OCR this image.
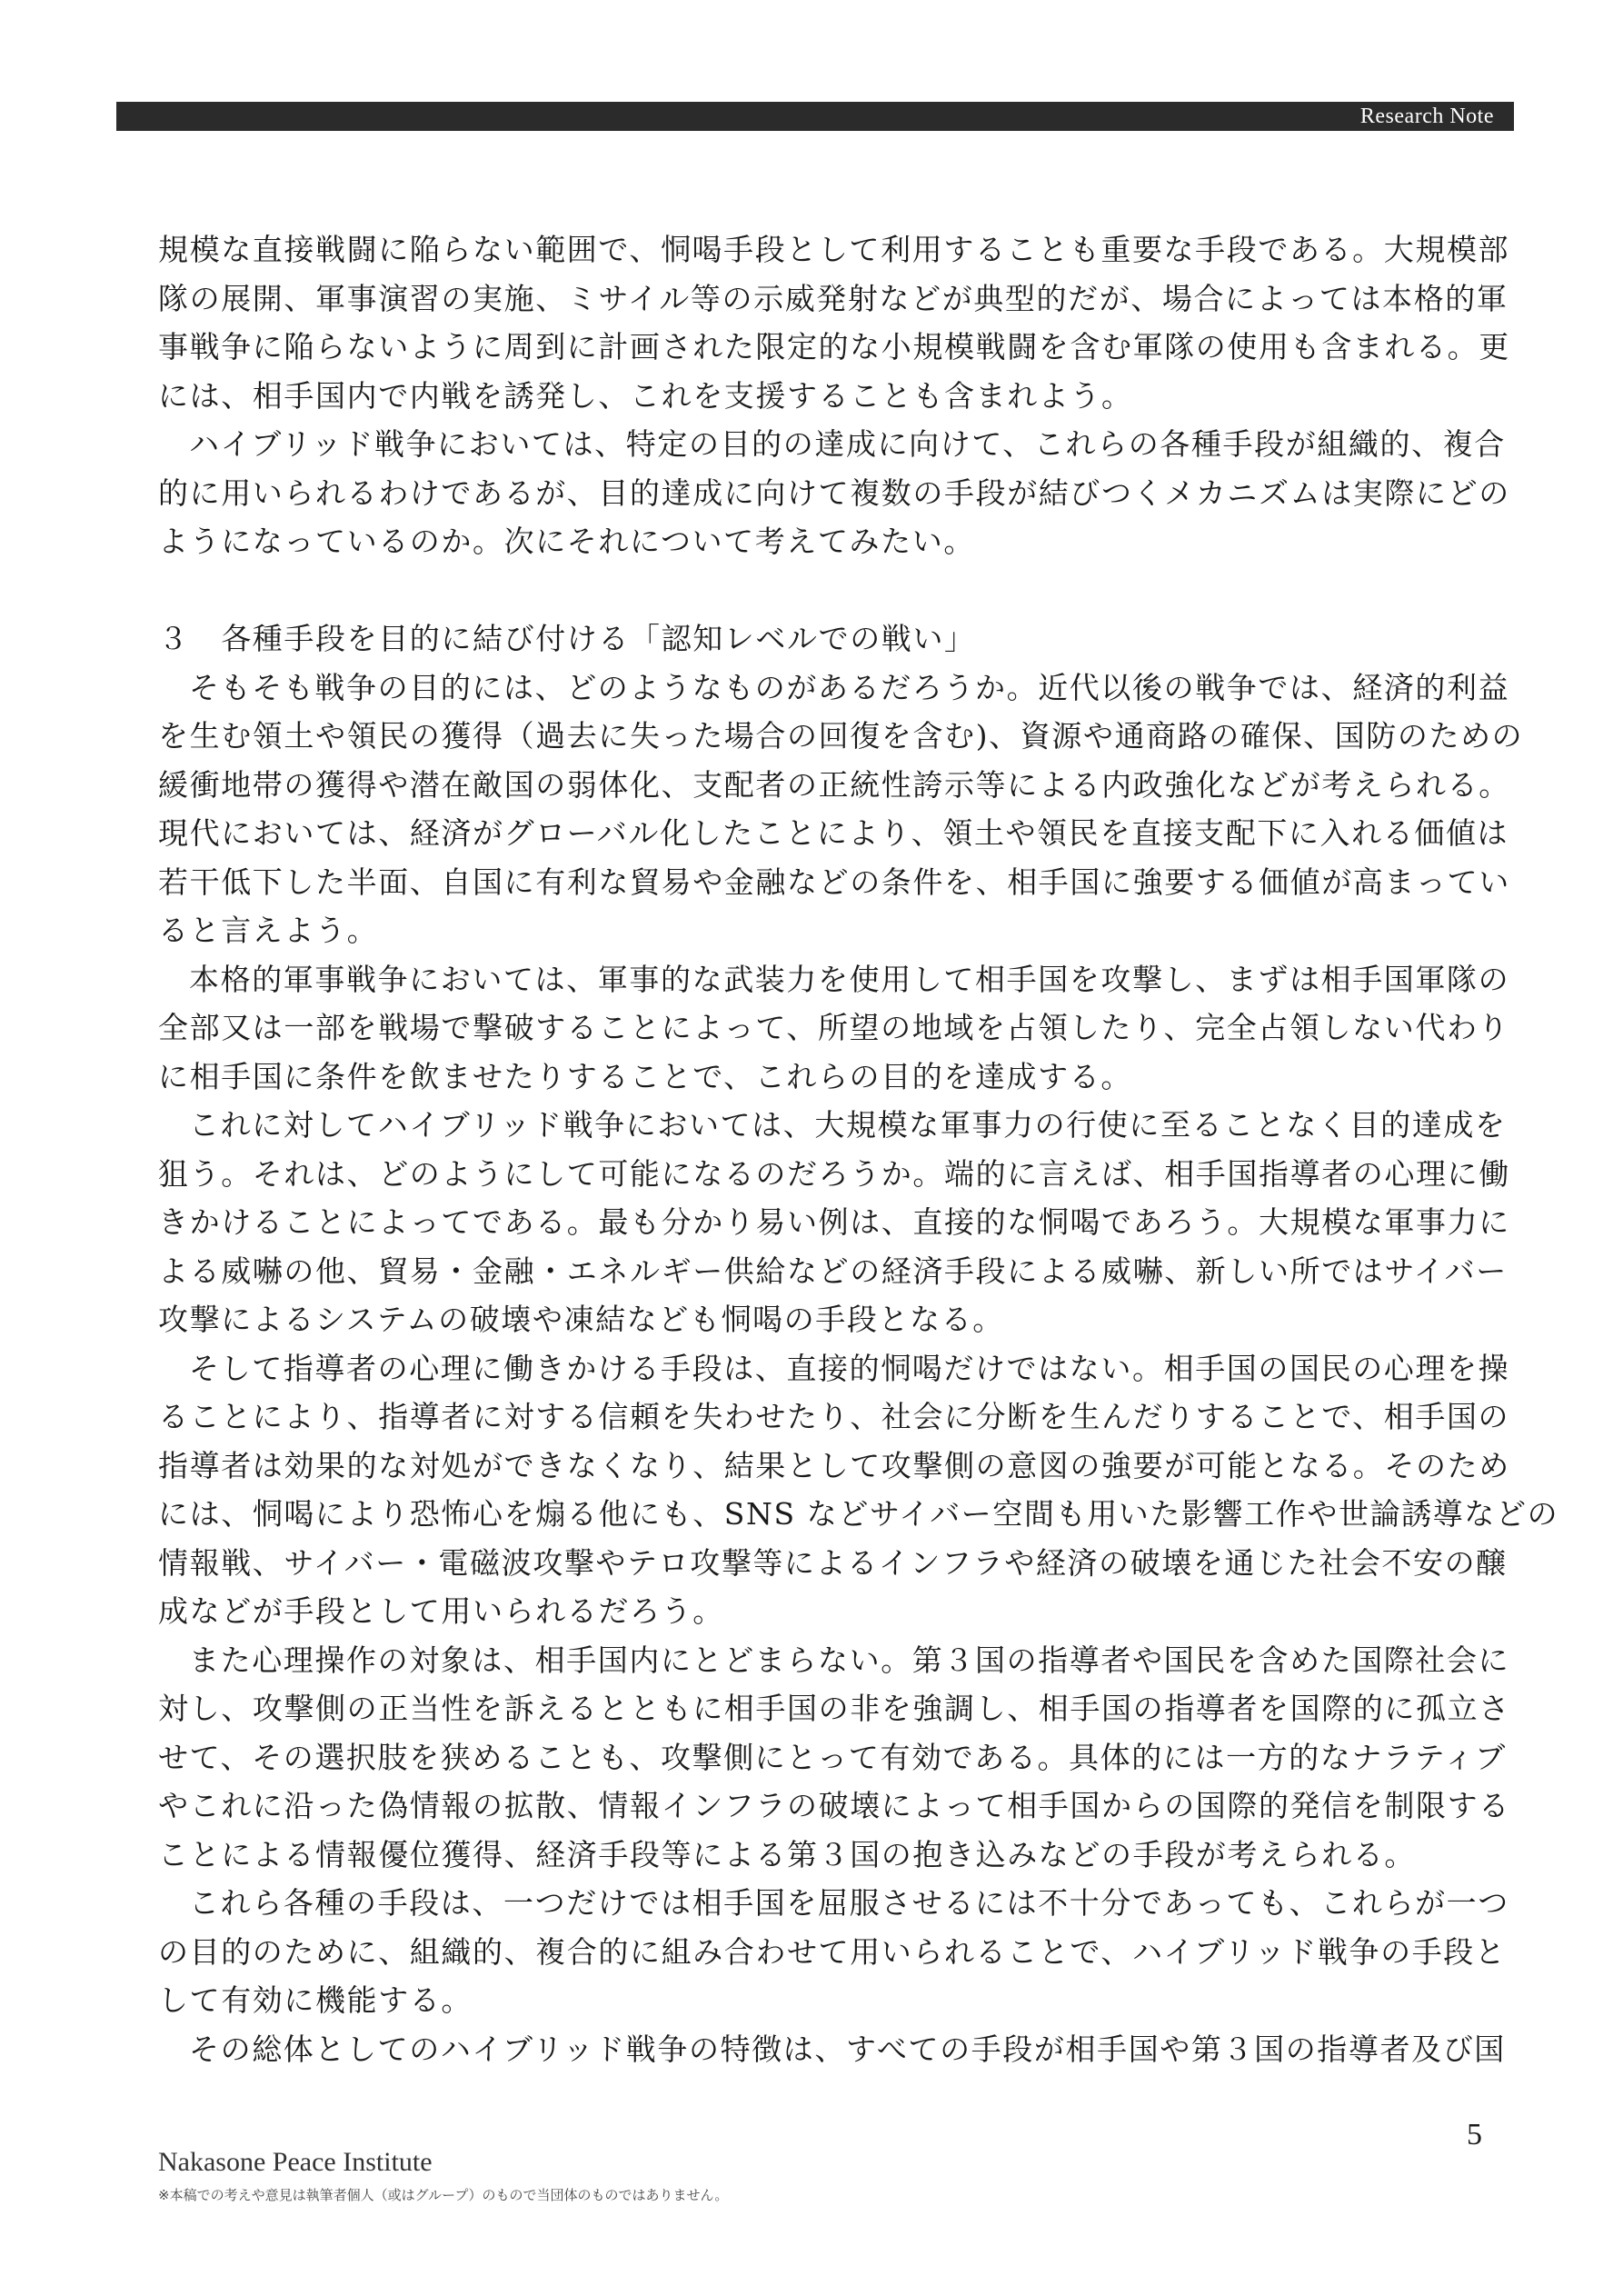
Research Note
規模な直接戦闘に陥らない範囲で、恫喝手段として利用することも重要な手段である。大規模部
隊の展開、軍事演習の実施、ミサイル等の示威発射などが典型的だが、場合によっては本格的軍
事戦争に陥らないように周到に計画された限定的な小規模戦闘を含む軍隊の使用も含まれる。更
には、相手国内で内戦を誘発し、これを支援することも含まれよう。
ハイブリッド戦争においては、特定の目的の達成に向けて、これらの各種手段が組織的、複合
的に用いられるわけであるが、目的達成に向けて複数の手段が結びつくメカニズムは実際にどの
ようになっているのか。次にそれについて考えてみたい。
３　各種手段を目的に結び付ける「認知レベルでの戦い」
そもそも戦争の目的には、どのようなものがあるだろうか。近代以後の戦争では、経済的利益
を生む領土や領民の獲得（過去に失った場合の回復を含む)、資源や通商路の確保、国防のための
緩衝地帯の獲得や潜在敵国の弱体化、支配者の正統性誇示等による内政強化などが考えられる。
現代においては、経済がグローバル化したことにより、領土や領民を直接支配下に入れる価値は
若干低下した半面、自国に有利な貿易や金融などの条件を、相手国に強要する価値が高まってい
ると言えよう。
本格的軍事戦争においては、軍事的な武装力を使用して相手国を攻撃し、まずは相手国軍隊の
全部又は一部を戦場で撃破することによって、所望の地域を占領したり、完全占領しない代わり
に相手国に条件を飲ませたりすることで、これらの目的を達成する。
これに対してハイブリッド戦争においては、大規模な軍事力の行使に至ることなく目的達成を
狙う。それは、どのようにして可能になるのだろうか。端的に言えば、相手国指導者の心理に働
きかけることによってである。最も分かり易い例は、直接的な恫喝であろう。大規模な軍事力に
よる威嚇の他、貿易・金融・エネルギー供給などの経済手段による威嚇、新しい所ではサイバー
攻撃によるシステムの破壊や凍結なども恫喝の手段となる。
そして指導者の心理に働きかける手段は、直接的恫喝だけではない。相手国の国民の心理を操
ることにより、指導者に対する信頼を失わせたり、社会に分断を生んだりすることで、相手国の
指導者は効果的な対処ができなくなり、結果として攻撃側の意図の強要が可能となる。そのため
には、恫喝により恐怖心を煽る他にも、SNS などサイバー空間も用いた影響工作や世論誘導などの
情報戦、サイバー・電磁波攻撃やテロ攻撃等によるインフラや経済の破壊を通じた社会不安の醸
成などが手段として用いられるだろう。
また心理操作の対象は、相手国内にとどまらない。第３国の指導者や国民を含めた国際社会に
対し、攻撃側の正当性を訴えるとともに相手国の非を強調し、相手国の指導者を国際的に孤立さ
せて、その選択肢を狭めることも、攻撃側にとって有効である。具体的には一方的なナラティブ
やこれに沿った偽情報の拡散、情報インフラの破壊によって相手国からの国際的発信を制限する
ことによる情報優位獲得、経済手段等による第３国の抱き込みなどの手段が考えられる。
これら各種の手段は、一つだけでは相手国を屈服させるには不十分であっても、これらが一つ
の目的のために、組織的、複合的に組み合わせて用いられることで、ハイブリッド戦争の手段と
して有効に機能する。
その総体としてのハイブリッド戦争の特徴は、すべての手段が相手国や第３国の指導者及び国
5
Nakasone Peace Institute
※本稿での考えや意見は執筆者個人（或はグループ）のもので当団体のものではありません。
